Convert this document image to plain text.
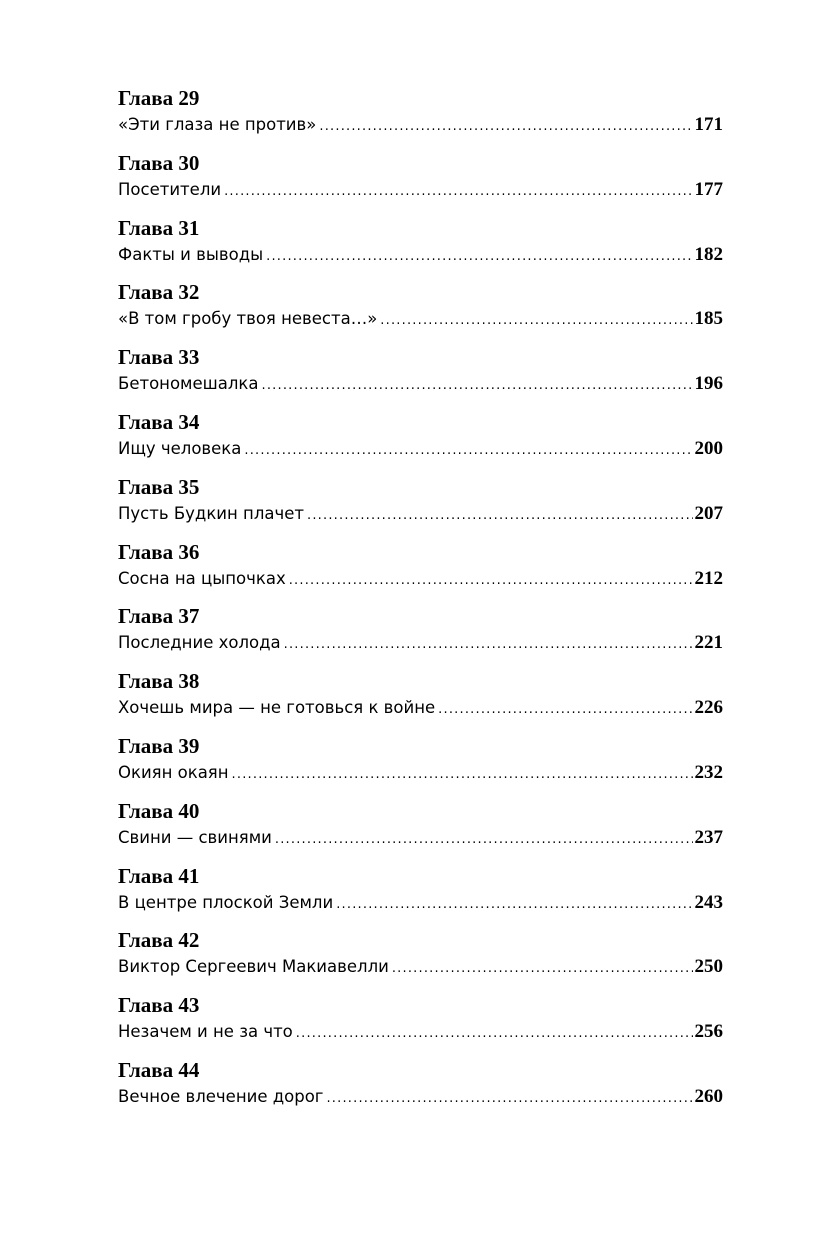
Глава 29
«Эти глаза не против» .....	171
Глава 30
Посетители .....	177
Глава 31
Факты и выводы .....	182
Глава 32
«В том гробу твоя невеста…» .....	185
Глава 33
Бетономешалка .....	196
Глава 34
Ищу человека .....	200
Глава 35
Пусть Будкин плачет .....	207
Глава 36
Сосна на цыпочках .....	212
Глава 37
Последние холода .....	221
Глава 38
Хочешь мира — не готовься к войне .....	226
Глава 39
Окиян окаян .....	232
Глава 40
Свини — свинями .....	237
Глава 41
В центре плоской Земли .....	243
Глава 42
Виктор Сергеевич Макиавелли .....	250
Глава 43
Незачем и не за что .....	256
Глава 44
Вечное влечение дорог .....	260
